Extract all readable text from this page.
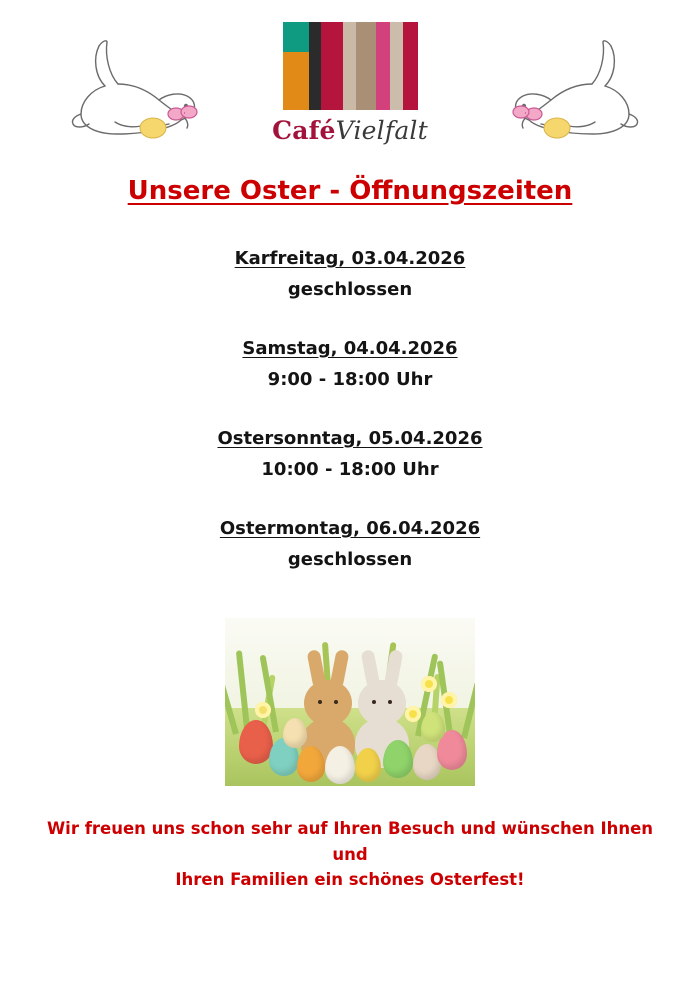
CaféVielfalt
Unsere Oster - Öffnungszeiten
Karfreitag, 03.04.2026
geschlossen
Samstag, 04.04.2026
9:00 - 18:00 Uhr
Ostersonntag, 05.04.2026
10:00 - 18:00 Uhr
Ostermontag, 06.04.2026
geschlossen
Wir freuen uns schon sehr auf Ihren Besuch und wünschen Ihnen und
Ihren Familien ein schönes Osterfest!
